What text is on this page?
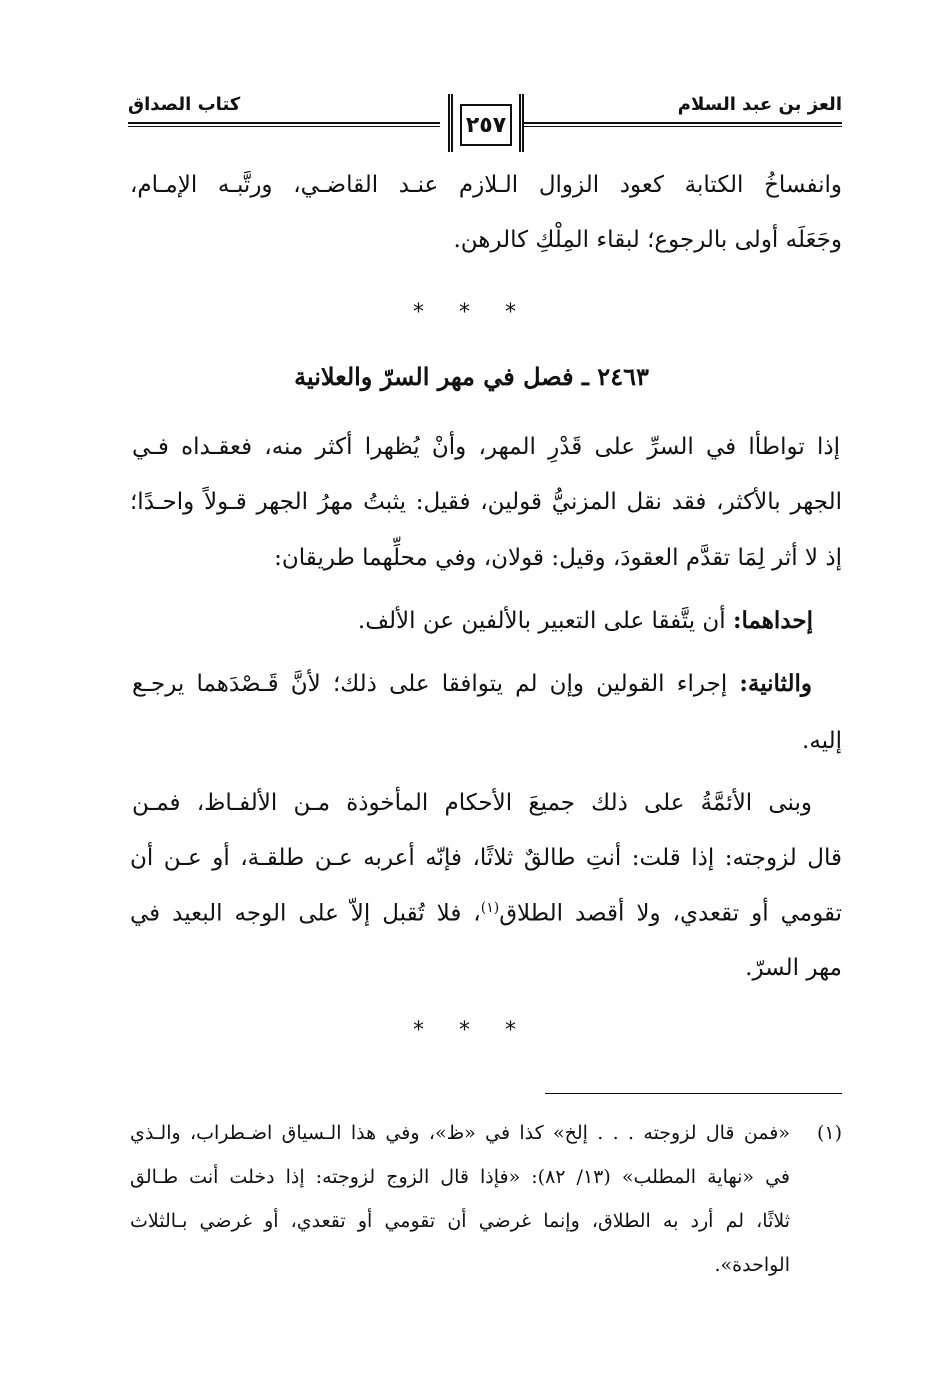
العز بن عبد السلام
كتاب الصداق
٢٥٧
وانفساخُ الكتابة كعود الزوال الـلازم عنـد القاضـي، ورتَّبـه الإمـام،
وجَعَلَه أولى بالرجوع؛ لبقاء المِلْكِ كالرهن.
* * *
٢٤٦٣ ـ فصل في مهر السرّ والعلانية
إذا تواطأا في السرِّ على قَدْرِ المهر، وأنْ يُظهرا أكثر منه، فعقـداه فـي
الجهر بالأكثر، فقد نقل المزنيُّ قولين، فقيل: يثبتُ مهرُ الجهر قـولاً واحـدًا؛
إذ لا أثر لِمَا تقدَّم العقودَ، وقيل: قولان، وفي محلِّهما طريقان:
إحداهما: أن يتَّفقا على التعبير بالألفين عن الألف.
والثانية: إجراء القولين وإن لم يتوافقا على ذلك؛ لأنَّ قَـصْدَهما يرجـع
إليه.
وبنى الأئمَّةُ على ذلك جميعَ الأحكام المأخوذة مـن الألفـاظ، فمـن
قال لزوجته: إذا قلت: أنتِ طالقٌ ثلاثًا، فإنّه أعربه عـن طلقـة، أو عـن أن
تقومي أو تقعدي، ولا أقصد الطلاق$^{(١)}$، فلا تُقبل إلاّ على الوجه البعيد في
مهر السرّ.
* * *
(١)
«فمن قال لزوجته . . . إلخ» كذا في «ظ»، وفي هذا الـسياق اضـطراب، والـذي
في «نهاية المطلب» (١٣/ ٨٢): «فإذا قال الزوج لزوجته: إذا دخلت أنت طـالق
ثلاثًا، لم أرد به الطلاق، وإنما غرضي أن تقومي أو تقعدي، أو غرضي بـالثلاث
الواحدة».
